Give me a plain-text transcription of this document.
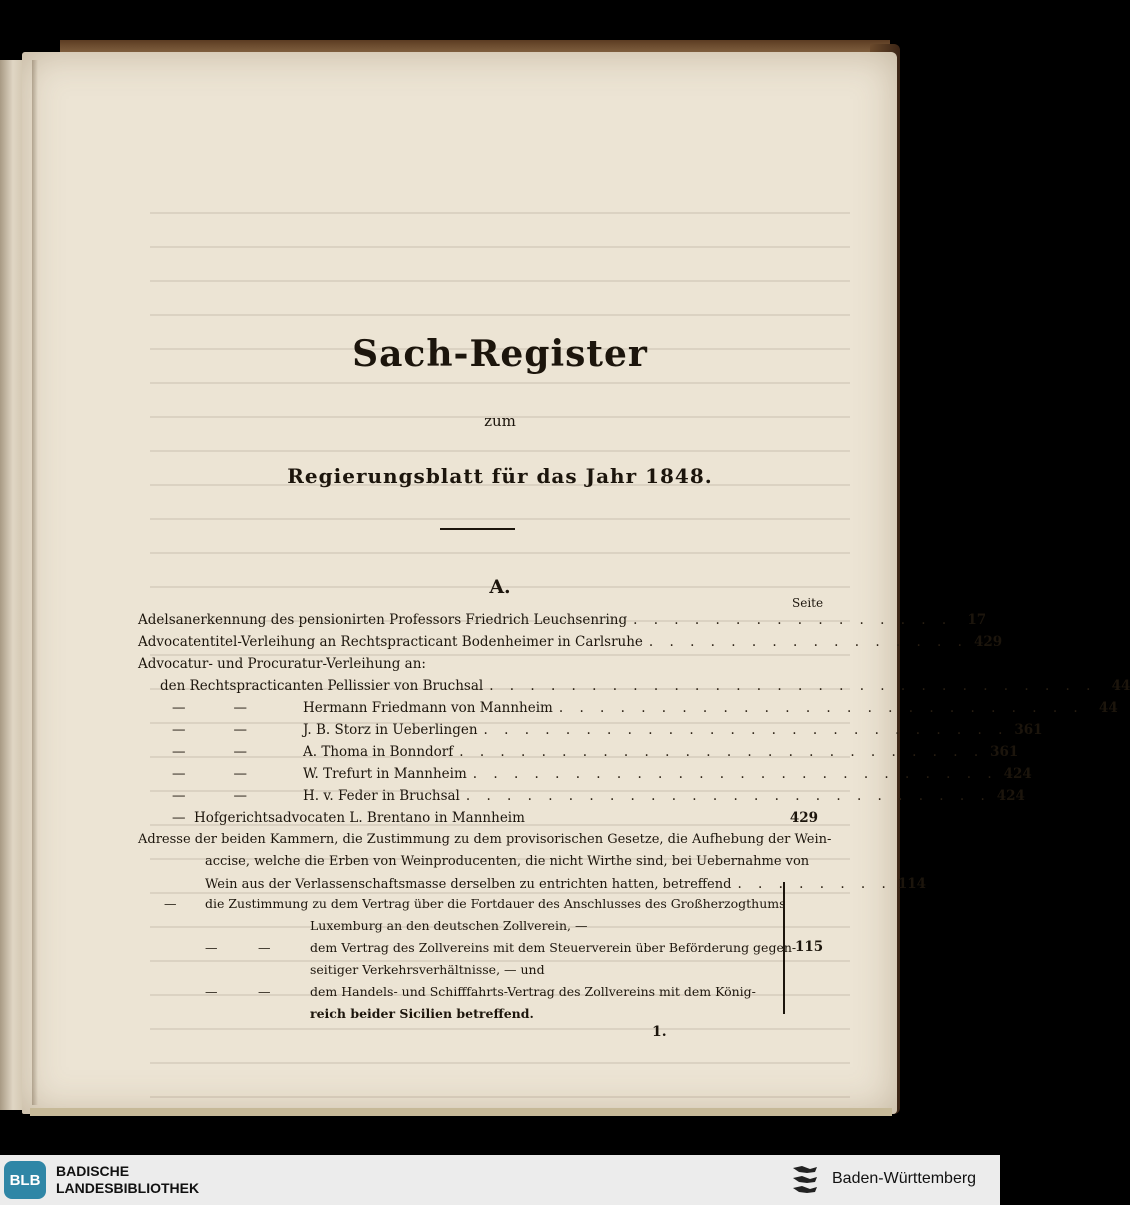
Sach-Register
zum
Regierungsblatt für das Jahr 1848.
A.
Seite
Adelsanerkennung des pensionirten Professors Friedrich Leuchsenring . . . . . . . . . . . . . . . .	17
Advocatentitel-Verleihung an Rechtspracticant Bodenheimer in Carlsruhe . . . . . . . . . . . . . . . . 429
Advocatur- und Procuratur-Verleihung an:
den Rechtspracticanten Pellissier von Bruchsal . . . . . . . . . . . . . . . . . . . . . . . . . . . . . .	44
—	—	Hermann Friedmann von Mannheim . . . . . . . . . . . . . . . . . . . . . . . . . .	44
—	—	J. B. Storz in Ueberlingen . . . . . . . . . . . . . . . . . . . . . . . . . . 361
—	—	A. Thoma in Bonndorf . . . . . . . . . . . . . . . . . . . . . . . . . . 361
—	—	W. Trefurt in Mannheim . . . . . . . . . . . . . . . . . . . . . . . . . . 424
—	—	H. v. Feder in Bruchsal . . . . . . . . . . . . . . . . . . . . . . . . . . 424
— Hofgerichtsadvocaten L. Brentano in Mannheim	429
Adresse der beiden Kammern, die Zustimmung zu dem provisorischen Gesetze, die Aufhebung der Wein-
accise, welche die Erben von Weinproducenten, die nicht Wirthe sind, bei Uebernahme von
Wein aus der Verlassenschaftsmasse derselben zu entrichten hatten, betreffend . . . . . . . . 114
— die Zustimmung zu dem Vertrag über die Fortdauer des Anschlusses des Großherzogthums
Luxemburg an den deutschen Zollverein, —
—	—	dem Vertrag des Zollvereins mit dem Steuerverein über Beförderung gegen-
seitiger Verkehrsverhältnisse, — und
—	—	dem Handels- und Schifffahrts-Vertrag des Zollvereins mit dem König-
reich beider Sicilien betreffend.
115
1.
BLB
BADISCHE
LANDESBIBLIOTHEK
Baden-Württemberg
